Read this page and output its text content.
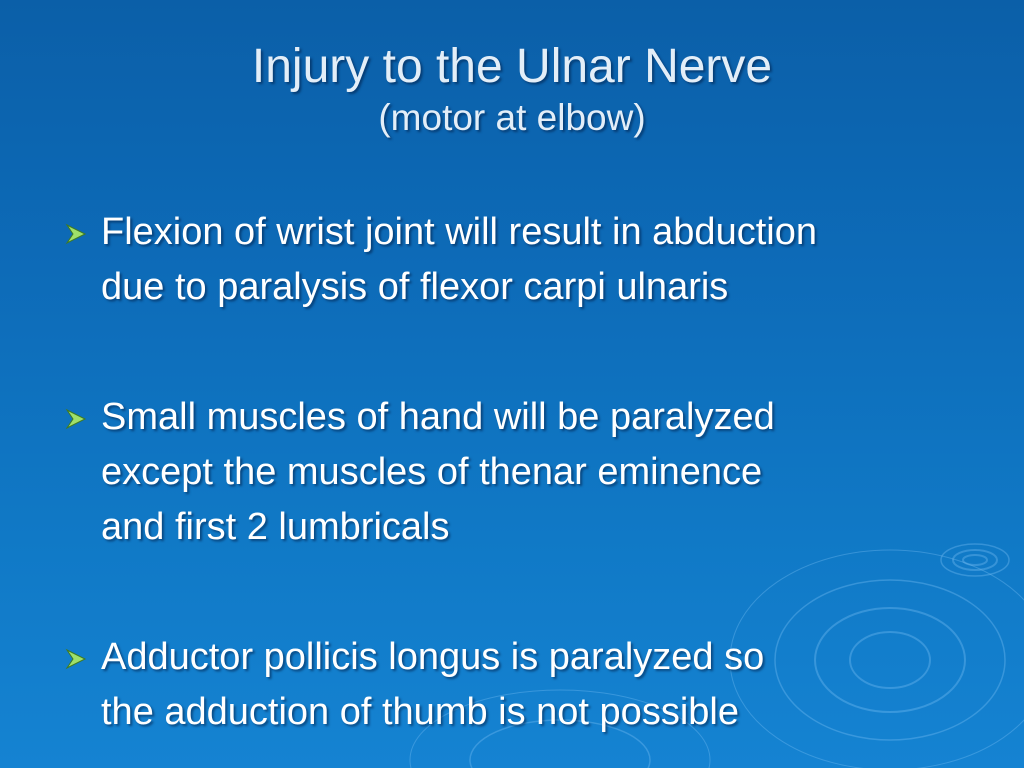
Injury to the Ulnar Nerve
(motor at elbow)
Flexion of wrist joint will result in abduction
due to paralysis of flexor carpi ulnaris
Small muscles of hand will be paralyzed
except the muscles of thenar eminence
and first 2 lumbricals
Adductor pollicis longus is paralyzed so
the adduction of thumb is not possible
